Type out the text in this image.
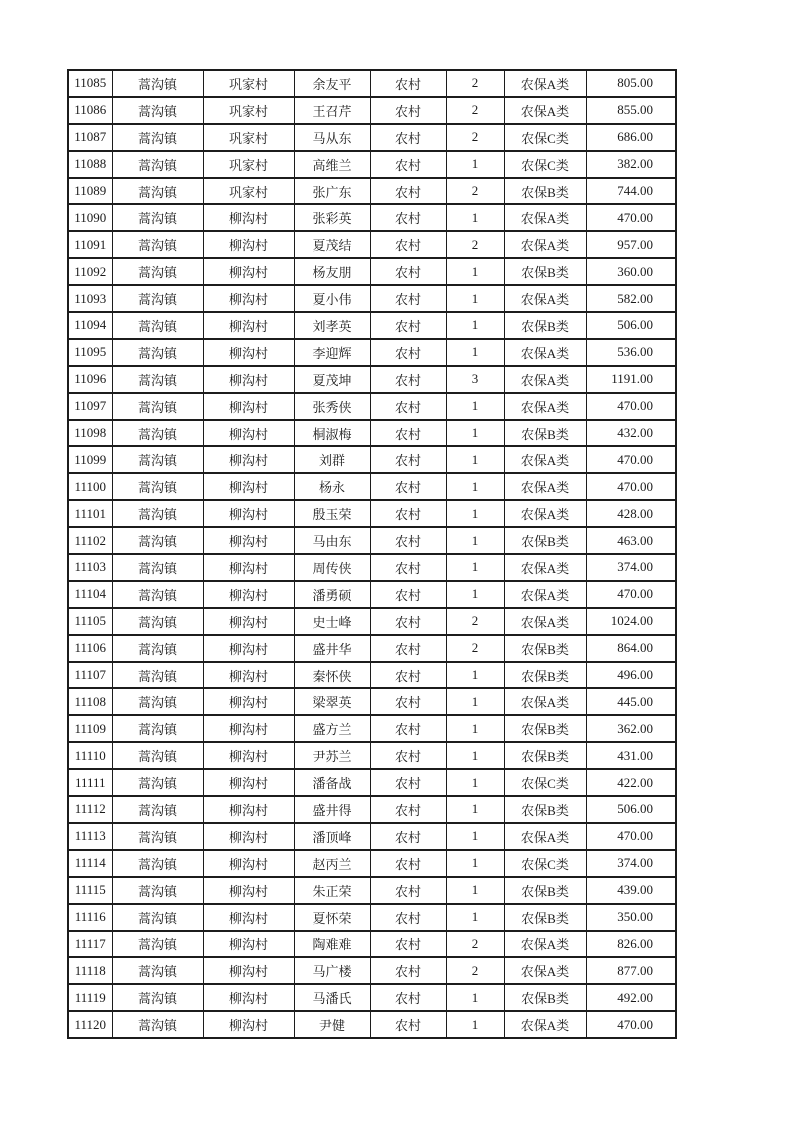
11085	蒿沟镇	巩家村	余友平	农村	2	农保A类	805.00
11086	蒿沟镇	巩家村	王召芹	农村	2	农保A类	855.00
11087	蒿沟镇	巩家村	马从东	农村	2	农保C类	686.00
11088	蒿沟镇	巩家村	高维兰	农村	1	农保C类	382.00
11089	蒿沟镇	巩家村	张广东	农村	2	农保B类	744.00
11090	蒿沟镇	柳沟村	张彩英	农村	1	农保A类	470.00
11091	蒿沟镇	柳沟村	夏茂结	农村	2	农保A类	957.00
11092	蒿沟镇	柳沟村	杨友朋	农村	1	农保B类	360.00
11093	蒿沟镇	柳沟村	夏小伟	农村	1	农保A类	582.00
11094	蒿沟镇	柳沟村	刘孝英	农村	1	农保B类	506.00
11095	蒿沟镇	柳沟村	李迎辉	农村	1	农保A类	536.00
11096	蒿沟镇	柳沟村	夏茂坤	农村	3	农保A类	1191.00
11097	蒿沟镇	柳沟村	张秀侠	农村	1	农保A类	470.00
11098	蒿沟镇	柳沟村	桐淑梅	农村	1	农保B类	432.00
11099	蒿沟镇	柳沟村	刘群	农村	1	农保A类	470.00
11100	蒿沟镇	柳沟村	杨永	农村	1	农保A类	470.00
11101	蒿沟镇	柳沟村	殷玉荣	农村	1	农保A类	428.00
11102	蒿沟镇	柳沟村	马由东	农村	1	农保B类	463.00
11103	蒿沟镇	柳沟村	周传侠	农村	1	农保A类	374.00
11104	蒿沟镇	柳沟村	潘勇硕	农村	1	农保A类	470.00
11105	蒿沟镇	柳沟村	史士峰	农村	2	农保A类	1024.00
11106	蒿沟镇	柳沟村	盛井华	农村	2	农保B类	864.00
11107	蒿沟镇	柳沟村	秦怀侠	农村	1	农保B类	496.00
11108	蒿沟镇	柳沟村	梁翠英	农村	1	农保A类	445.00
11109	蒿沟镇	柳沟村	盛方兰	农村	1	农保B类	362.00
11110	蒿沟镇	柳沟村	尹苏兰	农村	1	农保B类	431.00
11111	蒿沟镇	柳沟村	潘备战	农村	1	农保C类	422.00
11112	蒿沟镇	柳沟村	盛井得	农村	1	农保B类	506.00
11113	蒿沟镇	柳沟村	潘顶峰	农村	1	农保A类	470.00
11114	蒿沟镇	柳沟村	赵丙兰	农村	1	农保C类	374.00
11115	蒿沟镇	柳沟村	朱正荣	农村	1	农保B类	439.00
11116	蒿沟镇	柳沟村	夏怀荣	农村	1	农保B类	350.00
11117	蒿沟镇	柳沟村	陶难难	农村	2	农保A类	826.00
11118	蒿沟镇	柳沟村	马广楼	农村	2	农保A类	877.00
11119	蒿沟镇	柳沟村	马潘氏	农村	1	农保B类	492.00
11120	蒿沟镇	柳沟村	尹健	农村	1	农保A类	470.00
